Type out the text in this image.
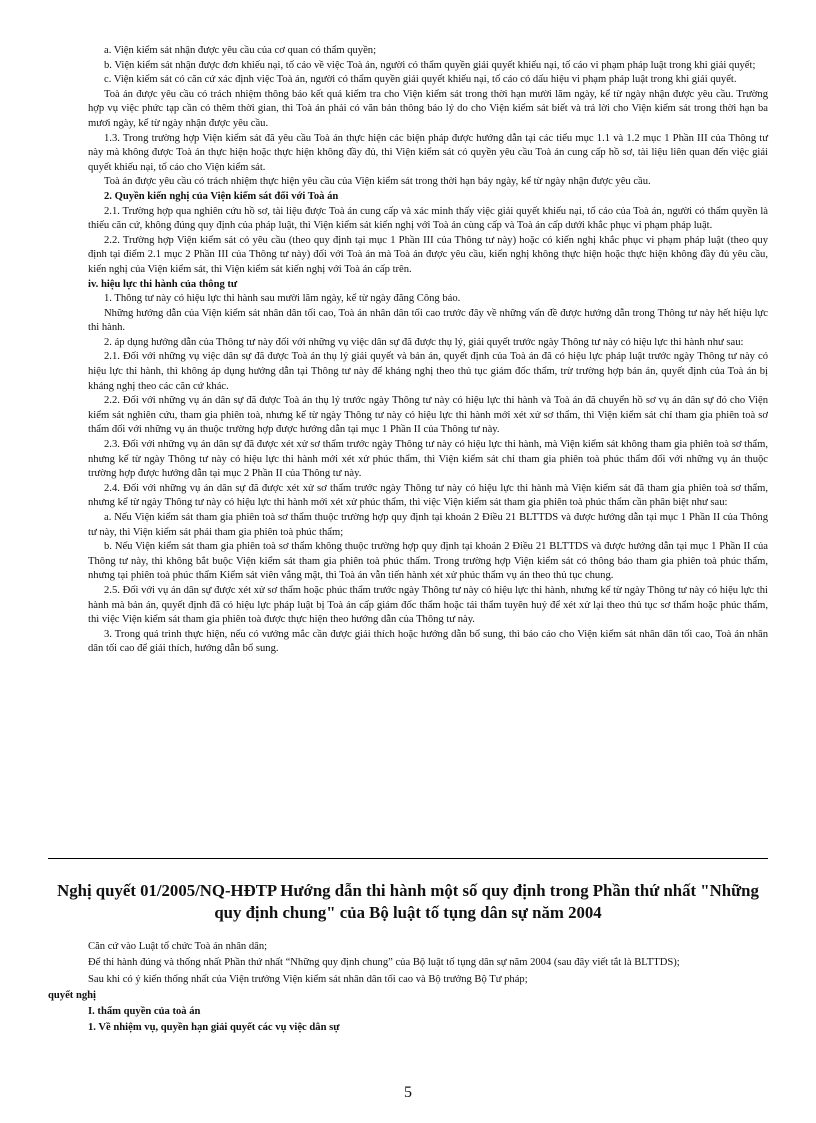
a. Viện kiểm sát nhận được yêu cầu của cơ quan có thẩm quyền;

b. Viện kiểm sát nhận được đơn khiếu nại, tố cáo về việc Toà án, người có thẩm quyền giải quyết khiếu nại, tố cáo vi phạm pháp luật trong khi giải quyết;

c. Viện kiểm sát có căn cứ xác định việc Toà án, người có thẩm quyền giải quyết khiếu nại, tố cáo có dấu hiệu vi phạm pháp luật trong khi giải quyết.

Toà án được yêu cầu có trách nhiệm thông báo kết quả kiểm tra cho Viện kiểm sát trong thời hạn mười lăm ngày, kể từ ngày nhận được yêu cầu. Trường hợp vụ việc phức tạp cần có thêm thời gian, thì Toà án phải có văn bản thông báo lý do cho Viện kiểm sát biết và trả lời cho Viện kiểm sát trong thời hạn ba mươi ngày, kể từ ngày nhận được yêu cầu.

1.3. Trong trường hợp Viện kiểm sát đã yêu cầu Toà án thực hiện các biện pháp được hướng dẫn tại các tiểu mục 1.1 và 1.2 mục 1 Phần III của Thông tư này mà không được Toà án thực hiện hoặc thực hiện không đầy đủ, thì Viện kiểm sát có quyền yêu cầu Toà án cung cấp hồ sơ, tài liệu liên quan đến việc giải quyết khiếu nại, tố cáo cho Viện kiểm sát.

Toà án được yêu cầu có trách nhiệm thực hiện yêu cầu của Viện kiểm sát trong thời hạn bảy ngày, kể từ ngày nhận được yêu cầu.

2. Quyền kiến nghị của Viện kiểm sát đối với Toà án

2.1. Trường hợp qua nghiên cứu hồ sơ, tài liệu được Toà án cung cấp và xác minh thấy việc giải quyết khiếu nại, tố cáo của Toà án, người có thẩm quyền là thiếu căn cứ, không đúng quy định của pháp luật, thì Viện kiểm sát kiến nghị với Toà án cùng cấp và Toà án cấp dưới khắc phục vi phạm pháp luật.

2.2. Trường hợp Viện kiểm sát có yêu cầu (theo quy định tại mục 1 Phần III của Thông tư này) hoặc có kiến nghị khắc phục vi phạm pháp luật (theo quy định tại điểm 2.1 mục 2 Phần III của Thông tư này) đối với Toà án mà Toà án được yêu cầu, kiến nghị không thực hiện hoặc thực hiện không đầy đủ yêu cầu, kiến nghị của Viện kiểm sát, thì Viện kiểm sát kiến nghị với Toà án cấp trên.

iv. hiệu lực thi hành của thông tư

1. Thông tư này có hiệu lực thi hành sau mười lăm ngày, kể từ ngày đăng Công báo.

Những hướng dẫn của Viện kiểm sát nhân dân tối cao, Toà án nhân dân tối cao trước đây về những vấn đề được hướng dẫn trong Thông tư này hết hiệu lực thi hành.

2. áp dụng hướng dẫn của Thông tư này đối với những vụ việc dân sự đã được thụ lý, giải quyết trước ngày Thông tư này có hiệu lực thi hành như sau:

2.1. Đối với những vụ việc dân sự đã được Toà án thụ lý giải quyết và bản án, quyết định của Toà án đã có hiệu lực pháp luật trước ngày Thông tư này có hiệu lực thi hành, thì không áp dụng hướng dẫn tại Thông tư này để kháng nghị theo thủ tục giám đốc thẩm, trừ trường hợp bản án, quyết định của Toà án bị kháng nghị theo các căn cứ khác.

2.2. Đối với những vụ án dân sự đã được Toà án thụ lý trước ngày Thông tư này có hiệu lực thi hành và Toà án đã chuyển hồ sơ vụ án dân sự đó cho Viện kiểm sát nghiên cứu, tham gia phiên toà, nhưng kể từ ngày Thông tư này có hiệu lực thi hành mới xét xử sơ thẩm, thì Viện kiểm sát chỉ tham gia phiên toà sơ thẩm đối với những vụ án thuộc trường hợp được hướng dẫn tại mục 1 Phần II của Thông tư này.

2.3. Đối với những vụ án dân sự đã được xét xử sơ thẩm trước ngày Thông tư này có hiệu lực thi hành, mà Viện kiểm sát không tham gia phiên toà sơ thẩm, nhưng kể từ ngày Thông tư này có hiệu lực thi hành mới xét xử phúc thẩm, thì Viện kiểm sát chỉ tham gia phiên toà phúc thẩm đối với những vụ án thuộc trường hợp được hướng dẫn tại mục 2 Phần II của Thông tư này.

2.4. Đối với những vụ án dân sự đã được xét xử sơ thẩm trước ngày Thông tư này có hiệu lực thi hành mà Viện kiểm sát đã tham gia phiên toà sơ thẩm, nhưng kể từ ngày Thông tư này có hiệu lực thi hành mới xét xử phúc thẩm, thì việc Viện kiểm sát tham gia phiên toà phúc thẩm cần phân biệt như sau:

a. Nếu Viện kiểm sát tham gia phiên toà sơ thẩm thuộc trường hợp quy định tại khoản 2 Điều 21 BLTTDS và được hướng dẫn tại mục 1 Phần II của Thông tư này, thì Viện kiểm sát phải tham gia phiên toà phúc thẩm;

b. Nếu Viện kiểm sát tham gia phiên toà sơ thẩm không thuộc trường hợp quy định tại khoản 2 Điều 21 BLTTDS và được hướng dẫn tại mục 1 Phần II của Thông tư này, thì không bắt buộc Viện kiểm sát tham gia phiên toà phúc thẩm. Trong trường hợp Viện kiểm sát có thông báo tham gia phiên toà phúc thẩm, nhưng tại phiên toà phúc thẩm Kiểm sát viên vắng mặt, thì Toà án vẫn tiến hành xét xử phúc thẩm vụ án theo thủ tục chung.

2.5. Đối với vụ án dân sự được xét xử sơ thẩm hoặc phúc thẩm trước ngày Thông tư này có hiệu lực thi hành, nhưng kể từ ngày Thông tư này có hiệu lực thi hành mà bản án, quyết định đã có hiệu lực pháp luật bị Toà án cấp giám đốc thẩm hoặc tái thẩm tuyên huỷ để xét xử lại theo thủ tục sơ thẩm hoặc phúc thẩm, thì việc Viện kiểm sát tham gia phiên toà được thực hiện theo hướng dẫn của Thông tư này.

3. Trong quá trình thực hiện, nếu có vướng mắc cần được giải thích hoặc hướng dẫn bổ sung, thì báo cáo cho Viện kiểm sát nhân dân tối cao, Toà án nhân dân tối cao để giải thích, hướng dẫn bổ sung.

Nghị quyết 01/2005/NQ-HĐTP Hướng dẫn thi hành một số quy định trong Phần thứ nhất "Những quy định chung" của Bộ luật tố tụng dân sự năm 2004

Căn cứ vào Luật tổ chức Toà án nhân dân;

Để thi hành đúng và thống nhất Phần thứ nhất “Những quy định chung” của Bộ luật tố tụng dân sự năm 2004 (sau đây viết tắt là BLTTDS);

Sau khi có ý kiến thống nhất của Viện trưởng Viện kiểm sát nhân dân tối cao và Bộ trưởng Bộ Tư pháp;

quyết nghị

I. thẩm quyền của toà án

1. Về nhiệm vụ, quyền hạn giải quyết các vụ việc dân sự

5
